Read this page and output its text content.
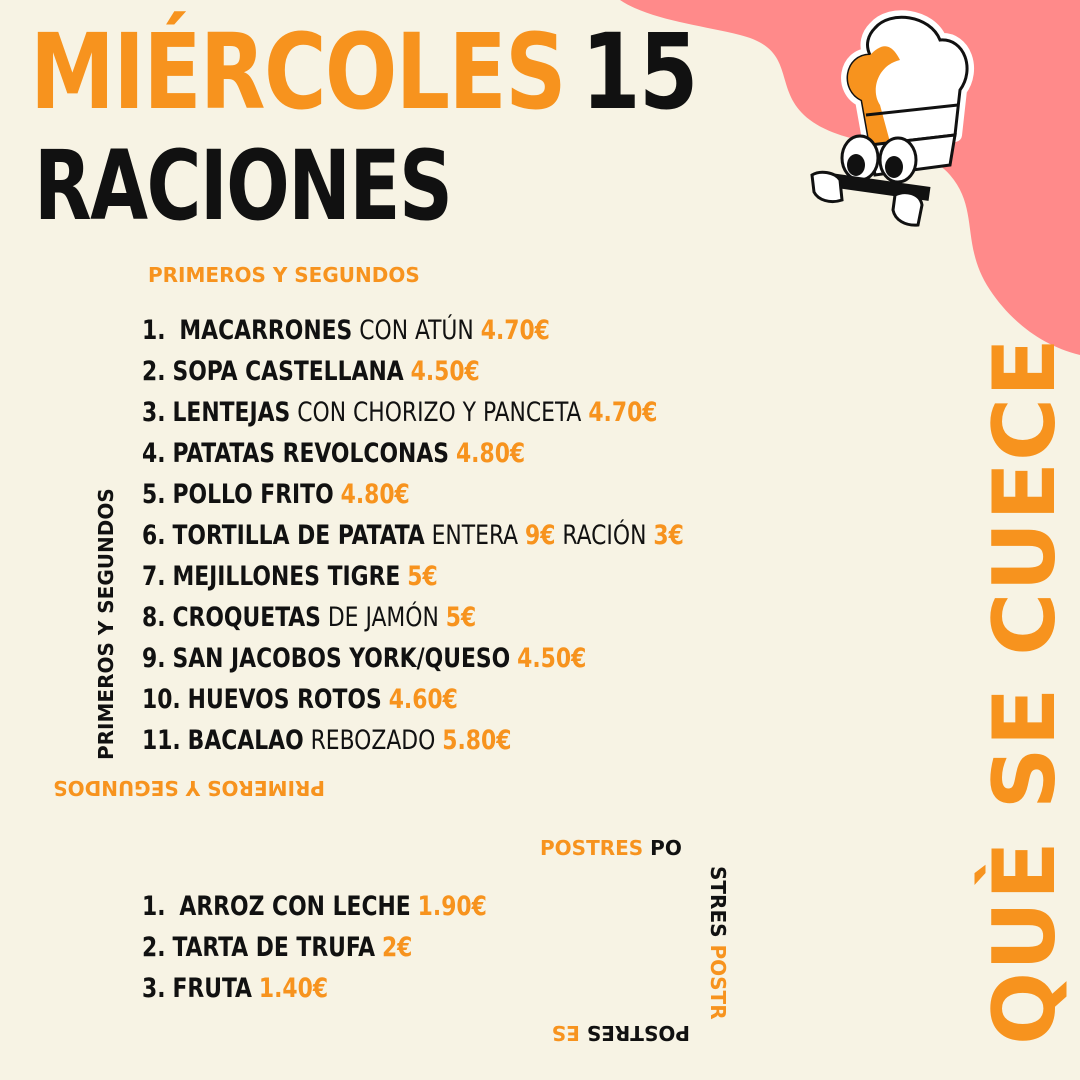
MIÉRCOLES 15
RACIONES
PRIMEROS Y SEGUNDOS
PRIMEROS Y SEGUNDOS
PRIMEROS Y SEGUNDOS
1. MACARRONES CON ATÚN 4.70€
2. SOPA CASTELLANA 4.50€
3. LENTEJAS CON CHORIZO Y PANCETA 4.70€
4. PATATAS REVOLCONAS 4.80€
5. POLLO FRITO 4.80€
6. TORTILLA DE PATATA ENTERA 9€ RACIÓN 3€
7. MEJILLONES TIGRE 5€
8. CROQUETAS DE JAMÓN 5€
9. SAN JACOBOS YORK/QUESO 4.50€
10. HUEVOS ROTOS 4.60€
11. BACALAO REBOZADO 5.80€
POSTRES PO
STRES POSTR
POSTRES ES
1. ARROZ CON LECHE 1.90€
2. TARTA DE TRUFA 2€
3. FRUTA 1.40€	QUÈ SE CUECE
